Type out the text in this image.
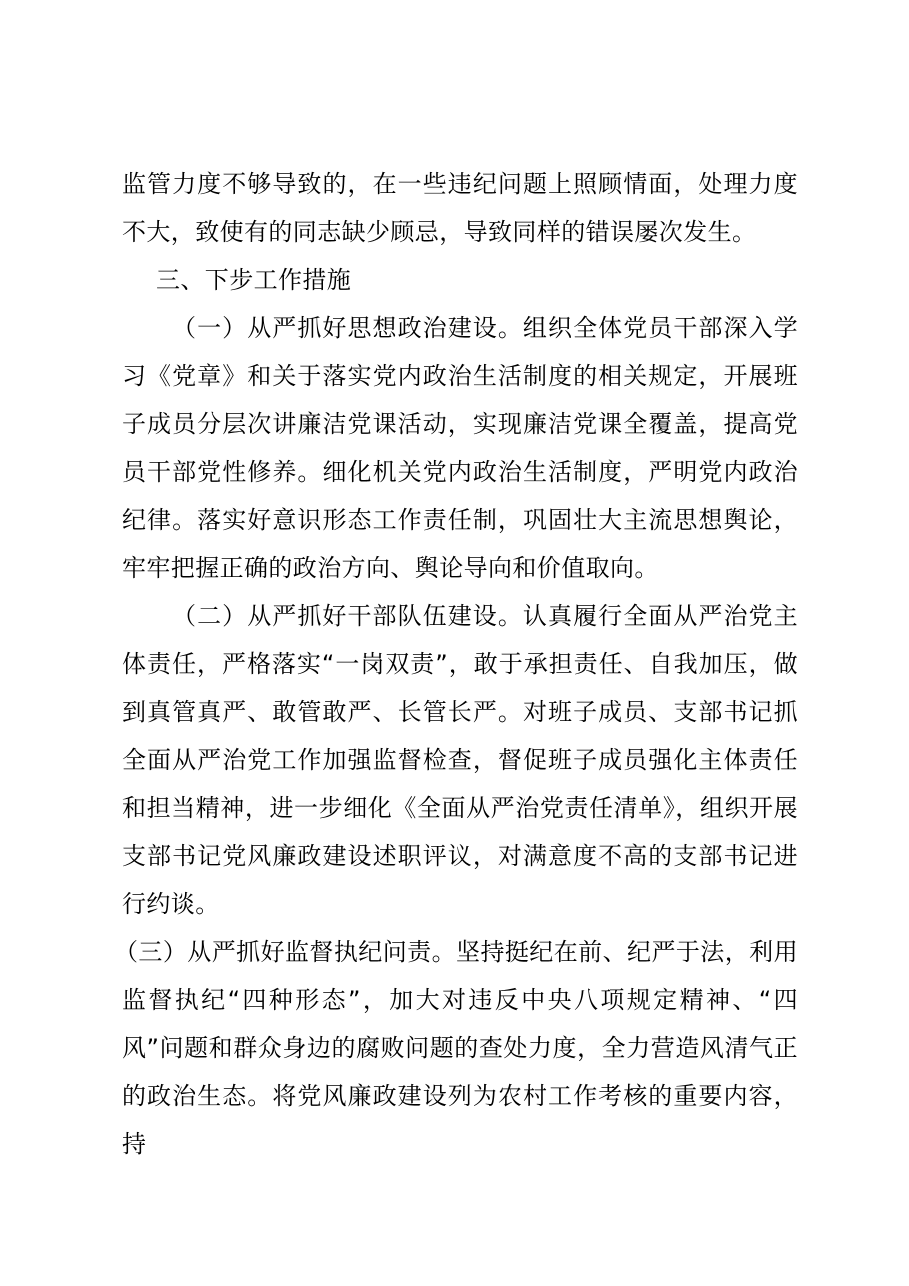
监管力度不够导致的，在一些违纪问题上照顾情面，处理力度不大，致使有的同志缺少顾忌，导致同样的错误屡次发生。

三、下步工作措施

（一）从严抓好思想政治建设。组织全体党员干部深入学习《党章》和关于落实党内政治生活制度的相关规定，开展班子成员分层次讲廉洁党课活动，实现廉洁党课全覆盖，提高党员干部党性修养。细化机关党内政治生活制度，严明党内政治纪律。落实好意识形态工作责任制，巩固壮大主流思想舆论，牢牢把握正确的政治方向、舆论导向和价值取向。

（二）从严抓好干部队伍建设。认真履行全面从严治党主体责任，严格落实“一岗双责”，敢于承担责任、自我加压，做到真管真严、敢管敢严、长管长严。对班子成员、支部书记抓全面从严治党工作加强监督检查，督促班子成员强化主体责任和担当精神，进一步细化《全面从严治党责任清单》，组织开展支部书记党风廉政建设述职评议，对满意度不高的支部书记进行约谈。

（三）从严抓好监督执纪问责。坚持挺纪在前、纪严于法，利用监督执纪“四种形态”，加大对违反中央八项规定精神、“四风”问题和群众身边的腐败问题的查处力度，全力营造风清气正的政治生态。将党风廉政建设列为农村工作考核的重要内容，持
